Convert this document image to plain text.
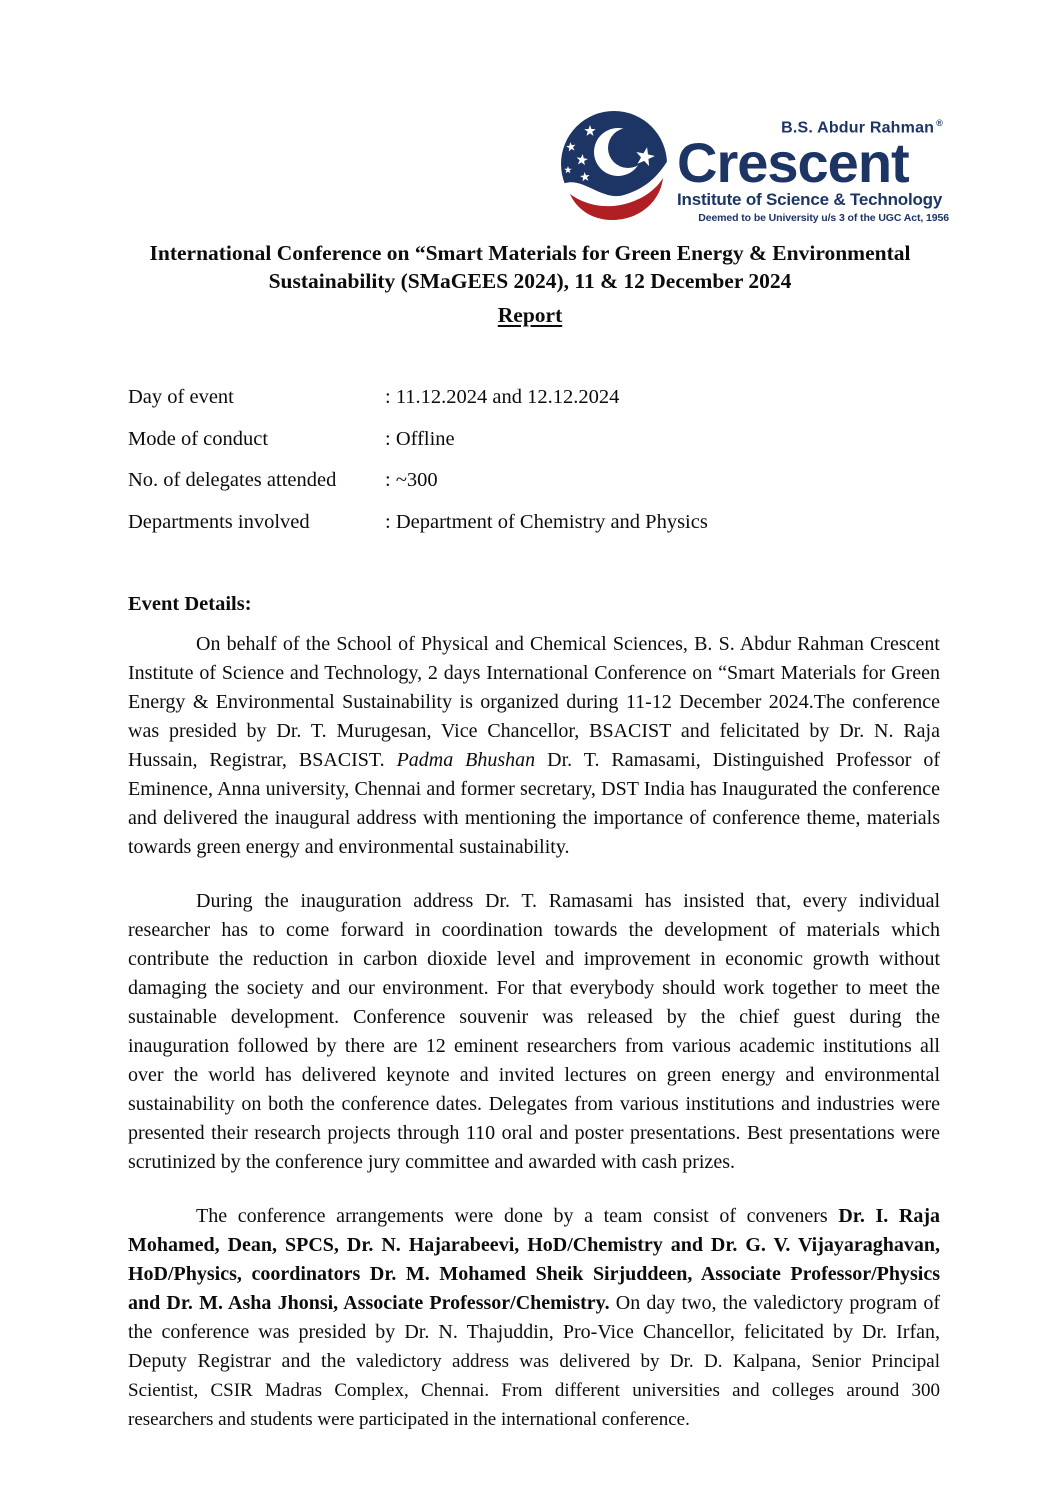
B.S. Abdur Rahman ®
Crescent
Institute of Science & Technology
Deemed to be University u/s 3 of the UGC Act, 1956
International Conference on “Smart Materials for Green Energy & Environmental
Sustainability (SMaGEES 2024), 11 & 12 December 2024
Report
Day of event	: 11.12.2024 and 12.12.2024
Mode of conduct	: Offline
No. of delegates attended	: ~300
Departments involved	: Department of Chemistry and Physics
Event Details:

On behalf of the School of Physical and Chemical Sciences, B. S. Abdur Rahman Crescent Institute of Science and Technology, 2 days International Conference on “Smart Materials for Green Energy & Environmental Sustainability is organized during 11-12 December 2024.The conference was presided by Dr. T. Murugesan, Vice Chancellor, BSACIST and felicitated by Dr. N. Raja Hussain, Registrar, BSACIST. Padma Bhushan Dr. T. Ramasami, Distinguished Professor of Eminence, Anna university, Chennai and former secretary, DST India has Inaugurated the conference and delivered the inaugural address with mentioning the importance of conference theme, materials towards green energy and environmental sustainability.

During the inauguration address Dr. T. Ramasami has insisted that, every individual researcher has to come forward in coordination towards the development of materials which contribute the reduction in carbon dioxide level and improvement in economic growth without damaging the society and our environment. For that everybody should work together to meet the sustainable development. Conference souvenir was released by the chief guest during the inauguration followed by there are 12 eminent researchers from various academic institutions all over the world has delivered keynote and invited lectures on green energy and environmental sustainability on both the conference dates. Delegates from various institutions and industries were presented their research projects through 110 oral and poster presentations. Best presentations were scrutinized by the conference jury committee and awarded with cash prizes.

The conference arrangements were done by a team consist of conveners Dr. I. Raja Mohamed, Dean, SPCS, Dr. N. Hajarabeevi, HoD/Chemistry and Dr. G. V. Vijayaraghavan, HoD/Physics, coordinators Dr. M. Mohamed Sheik Sirjuddeen, Associate Professor/Physics and Dr. M. Asha Jhonsi, Associate Professor/Chemistry. On day two, the valedictory program of the conference was presided by Dr. N. Thajuddin, Pro-Vice Chancellor, felicitated by Dr. Irfan, Deputy Registrar and the valedictory address was delivered by Dr. D. Kalpana, Senior Principal Scientist, CSIR Madras Complex, Chennai. From different universities and colleges around 300 researchers and students were participated in the international conference.
